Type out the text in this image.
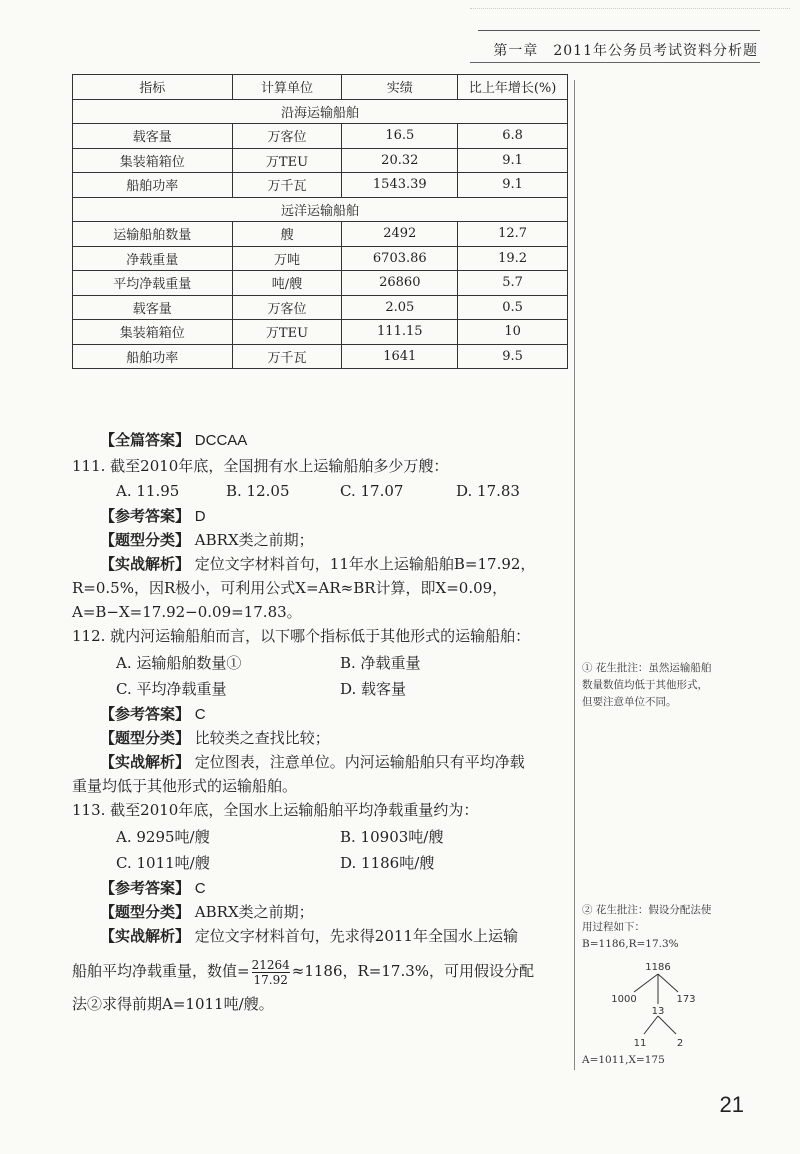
第一章　2011年公务员考试资料分析题
指标	计算单位	实绩	比上年增长(%)
沿海运输船舶			
载客量	万客位	16.5	6.8
集装箱箱位	万TEU	20.32	9.1
船舶功率	万千瓦	1543.39	9.1
远洋运输船舶			
运输船舶数量	艘	2492	12.7
净载重量	万吨	6703.86	19.2
平均净载重量	吨/艘	26860	5.7
载客量	万客位	2.05	0.5
集装箱箱位	万TEU	111.15	10
船舶功率	万千瓦	1641	9.5
【全篇答案】 DCCAA
111. 截至2010年底，全国拥有水上运输船舶多少万艘：
A. 11.95	B. 12.05	C. 17.07	D. 17.83
【参考答案】 D
【题型分类】 ABRX类之前期；
【实战解析】 定位文字材料首句，11年水上运输船舶B=17.92，
R=0.5%，因R极小，可利用公式X=AR≈BR计算，即X=0.09，
A=B−X=17.92−0.09=17.83。
112. 就内河运输船舶而言，以下哪个指标低于其他形式的运输船舶：
A. 运输船舶数量①	B. 净载重量
C. 平均净载重量	D. 载客量
【参考答案】 C
【题型分类】 比较类之查找比较；
【实战解析】 定位图表，注意单位。内河运输船舶只有平均净载
重量均低于其他形式的运输船舶。
113. 截至2010年底，全国水上运输船舶平均净载重量约为：
A. 9295吨/艘	B. 10903吨/艘
C. 1011吨/艘	D. 1186吨/艘
【参考答案】 C
【题型分类】 ABRX类之前期；
【实战解析】 定位文字材料首句，先求得2011年全国水上运输
船舶平均净载重量，数值= $\frac{21264}{17.92} \approx 1186$，R=17.3%，可用假设分配
法②求得前期A=1011吨/艘。
① 花生批注：虽然运输船舶
数量数值均低于其他形式，
但要注意单位不同。
② 花生批注：假设分配法使
用过程如下：
B=1186,R=17.3%
1186
1000	173
13
11	2
A=1011,X=175
21
